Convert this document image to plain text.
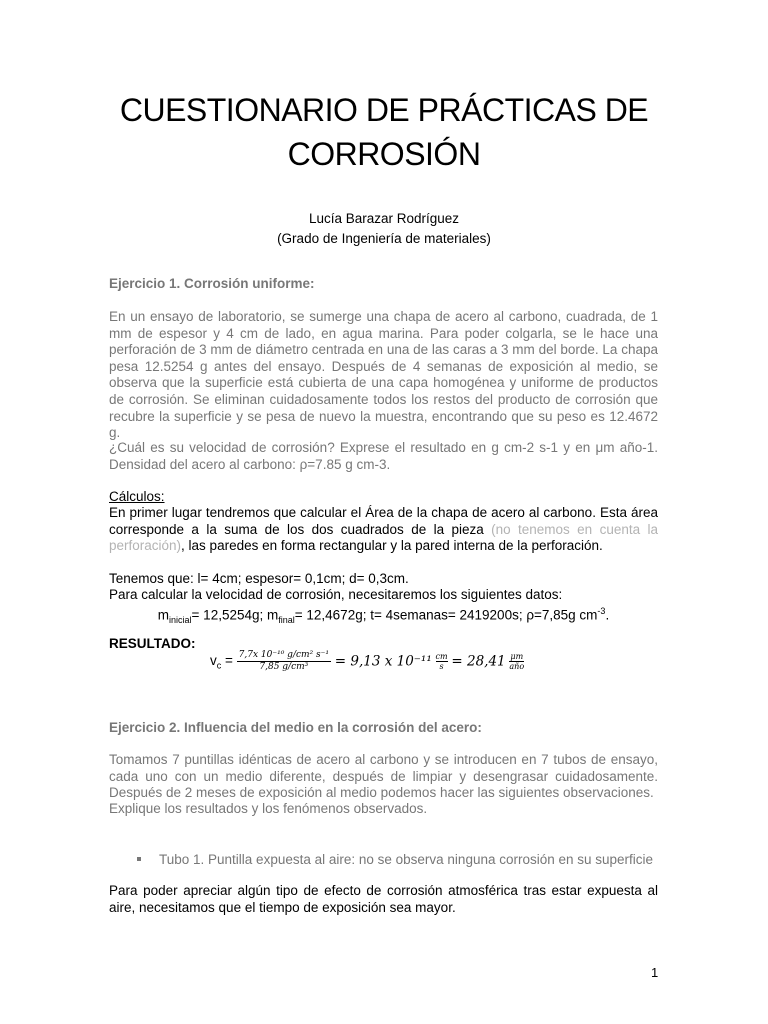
CUESTIONARIO DE PRÁCTICAS DE
CORROSIÓN
Lucía Barazar Rodríguez
(Grado de Ingeniería de materiales)
Ejercicio 1. Corrosión uniforme:
En un ensayo de laboratorio, se sumerge una chapa de acero al carbono, cuadrada, de 1 mm de espesor y 4 cm de lado, en agua marina. Para poder colgarla, se le hace una perforación de 3 mm de diámetro centrada en una de las caras a 3 mm del borde. La chapa pesa 12.5254 g antes del ensayo. Después de 4 semanas de exposición al medio, se observa que la superficie está cubierta de una capa homogénea y uniforme de productos de corrosión. Se eliminan cuidadosamente todos los restos del producto de corrosión que recubre la superficie y se pesa de nuevo la muestra, encontrando que su peso es 12.4672 g.
¿Cuál es su velocidad de corrosión? Exprese el resultado en g cm-2 s-1 y en μm año-1. Densidad del acero al carbono: ρ=7.85 g cm-3.
Cálculos:
En primer lugar tendremos que calcular el Área de la chapa de acero al carbono. Esta área corresponde a la suma de los dos cuadrados de la pieza (no tenemos en cuenta la perforación), las paredes en forma rectangular y la pared interna de la perforación.
Tenemos que: l= 4cm; espesor= 0,1cm; d= 0,3cm.
Para calcular la velocidad de corrosión, necesitaremos los siguientes datos:
$m_{inicial}= 12,5254g$; $m_{final}= 12,4672g$; t= 4semanas= 2419200s; ρ=7,85g $cm^{-3}$.
RESULTADO:
$v_c = \frac{\text{7,7x 10⁻¹⁰ g/cm² s⁻¹}}{\text{7,85 g/cm³}} = 9,13$ x $10^{-11} \frac{cm}{s} = 28,41 \frac{\mu m}{\text{año}}$
Ejercicio 2. Influencia del medio en la corrosión del acero:
Tomamos 7 puntillas idénticas de acero al carbono y se introducen en 7 tubos de ensayo, cada uno con un medio diferente, después de limpiar y desengrasar cuidadosamente. Después de 2 meses de exposición al medio podemos hacer las siguientes observaciones.
Explique los resultados y los fenómenos observados.
Tubo 1. Puntilla expuesta al aire: no se observa ninguna corrosión en su superficie
Para poder apreciar algún tipo de efecto de corrosión atmosférica tras estar expuesta al aire, necesitamos que el tiempo de exposición sea mayor.
1
